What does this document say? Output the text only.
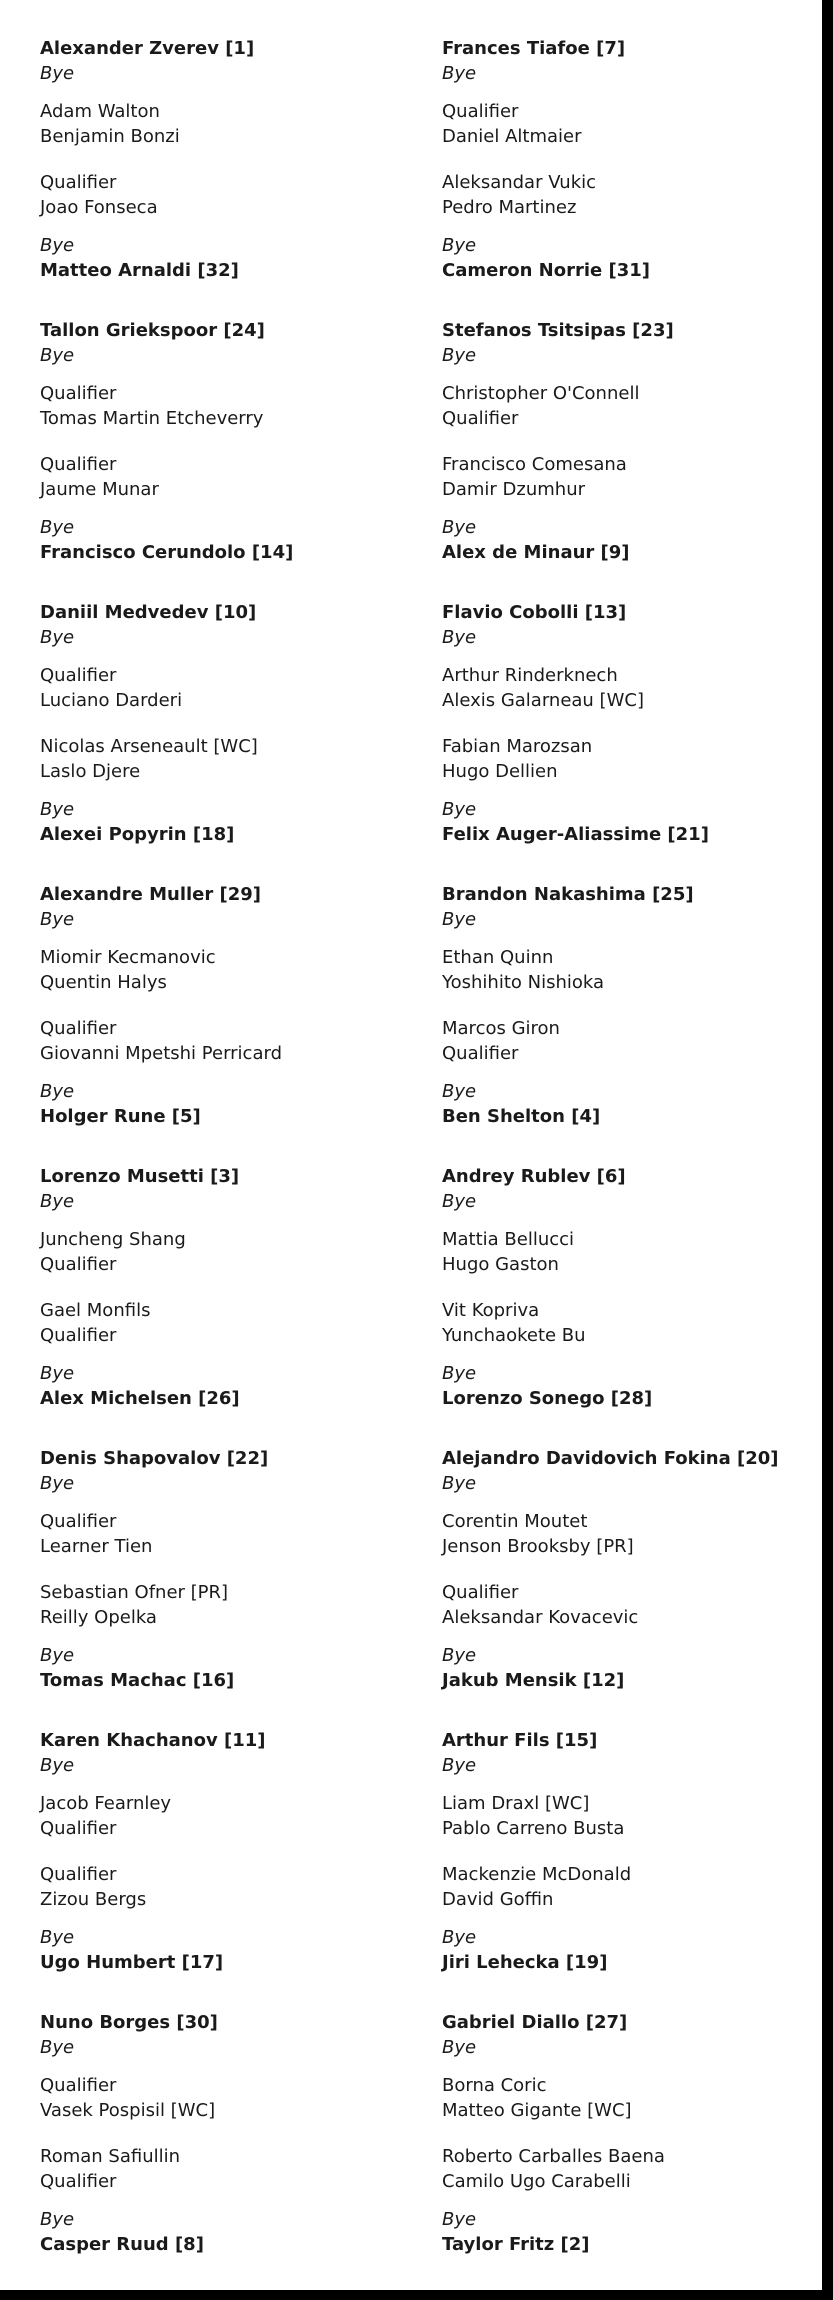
Alexander Zverev [1]
Bye
Adam Walton
Benjamin Bonzi
Qualifier
Joao Fonseca
Bye
Matteo Arnaldi [32]
Tallon Griekspoor [24]
Bye
Qualifier
Tomas Martin Etcheverry
Qualifier
Jaume Munar
Bye
Francisco Cerundolo [14]
Daniil Medvedev [10]
Bye
Qualifier
Luciano Darderi
Nicolas Arseneault [WC]
Laslo Djere
Bye
Alexei Popyrin [18]
Alexandre Muller [29]
Bye
Miomir Kecmanovic
Quentin Halys
Qualifier
Giovanni Mpetshi Perricard
Bye
Holger Rune [5]
Lorenzo Musetti [3]
Bye
Juncheng Shang
Qualifier
Gael Monfils
Qualifier
Bye
Alex Michelsen [26]
Denis Shapovalov [22]
Bye
Qualifier
Learner Tien
Sebastian Ofner [PR]
Reilly Opelka
Bye
Tomas Machac [16]
Karen Khachanov [11]
Bye
Jacob Fearnley
Qualifier
Qualifier
Zizou Bergs
Bye
Ugo Humbert [17]
Nuno Borges [30]
Bye
Qualifier
Vasek Pospisil [WC]
Roman Safiullin
Qualifier
Bye
Casper Ruud [8]
Frances Tiafoe [7]
Bye
Qualifier
Daniel Altmaier
Aleksandar Vukic
Pedro Martinez
Bye
Cameron Norrie [31]
Stefanos Tsitsipas [23]
Bye
Christopher O'Connell
Qualifier
Francisco Comesana
Damir Dzumhur
Bye
Alex de Minaur [9]
Flavio Cobolli [13]
Bye
Arthur Rinderknech
Alexis Galarneau [WC]
Fabian Marozsan
Hugo Dellien
Bye
Felix Auger-Aliassime [21]
Brandon Nakashima [25]
Bye
Ethan Quinn
Yoshihito Nishioka
Marcos Giron
Qualifier
Bye
Ben Shelton [4]
Andrey Rublev [6]
Bye
Mattia Bellucci
Hugo Gaston
Vit Kopriva
Yunchaokete Bu
Bye
Lorenzo Sonego [28]
Alejandro Davidovich Fokina [20]
Bye
Corentin Moutet
Jenson Brooksby [PR]
Qualifier
Aleksandar Kovacevic
Bye
Jakub Mensik [12]
Arthur Fils [15]
Bye
Liam Draxl [WC]
Pablo Carreno Busta
Mackenzie McDonald
David Goffin
Bye
Jiri Lehecka [19]
Gabriel Diallo [27]
Bye
Borna Coric
Matteo Gigante [WC]
Roberto Carballes Baena
Camilo Ugo Carabelli
Bye
Taylor Fritz [2]
